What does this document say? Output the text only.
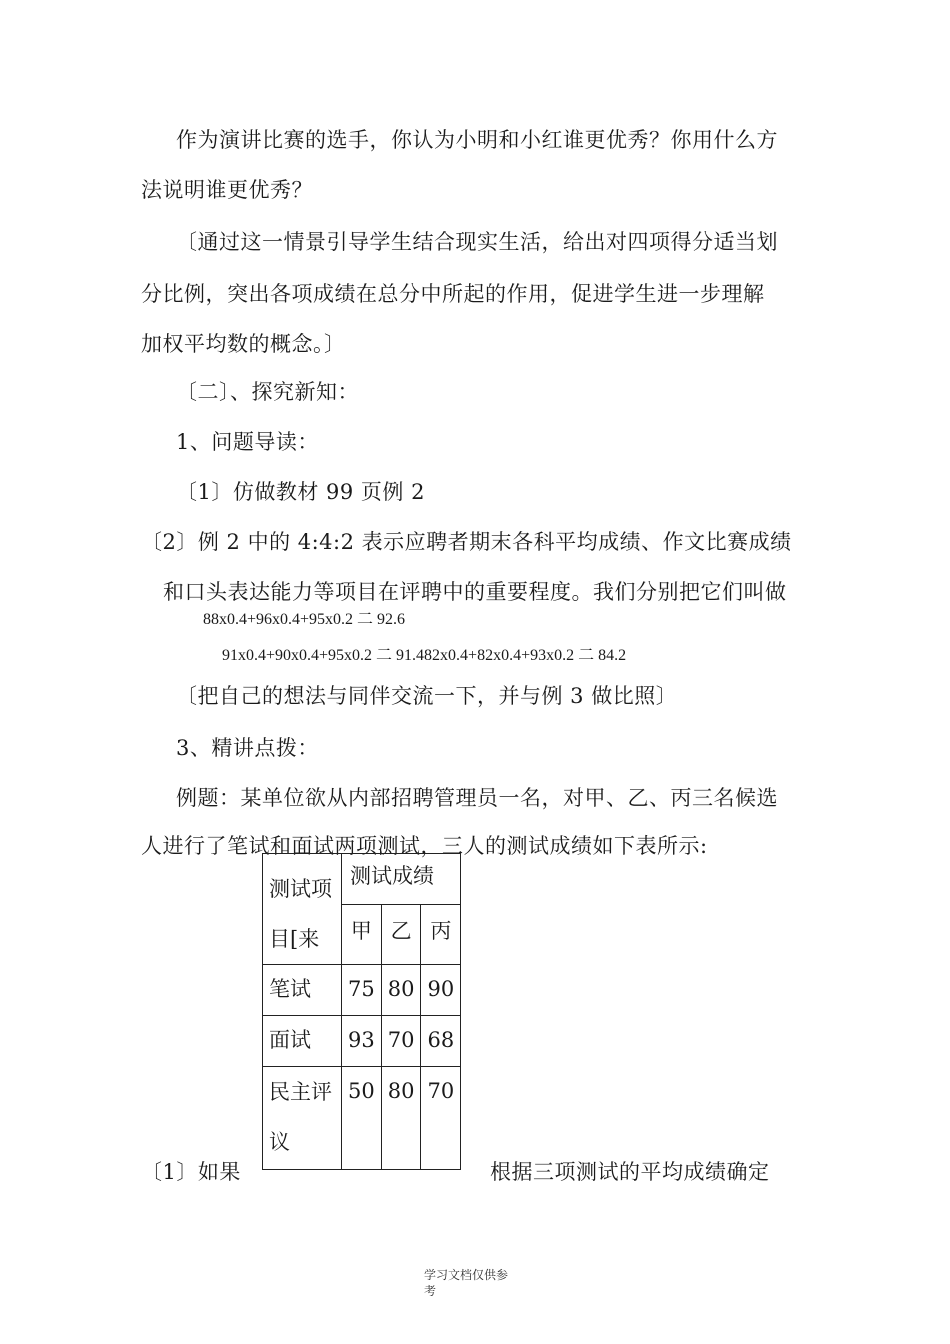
作为演讲比赛的选手，你认为小明和小红谁更优秀？你用什么方
法说明谁更优秀？
〔通过这一情景引导学生结合现实生活，给出对四项得分适当划
分比例，突出各项成绩在总分中所起的作用，促进学生进一步理解
加权平均数的概念。〕
〔二〕、探究新知：
1、问题导读：
〔1〕仿做教材 99 页例 2
〔2〕例 2 中的 4:4:2 表示应聘者期末各科平均成绩、作文比赛成绩
和口头表达能力等项目在评聘中的重要程度。我们分别把它们叫做
88x0.4+96x0.4+95x0.2 二 92.6
91x0.4+90x0.4+95x0.2 二 91.482x0.4+82x0.4+93x0.2 二 84.2
〔把自己的想法与同伴交流一下，并与例 3 做比照〕
3、精讲点拨：
例题：某单位欲从内部招聘管理员一名，对甲、乙、丙三名候选
人进行了笔试和面试两项测试，三人的测试成绩如下表所示:
测试项
目[来	测试成绩		

	甲	乙	丙

笔试	75	80	90

面试	93	70	68

民主评
议	50	80	70
〔1〕如果	根据三项测试的平均成绩确定
学习文档仅供参
考
